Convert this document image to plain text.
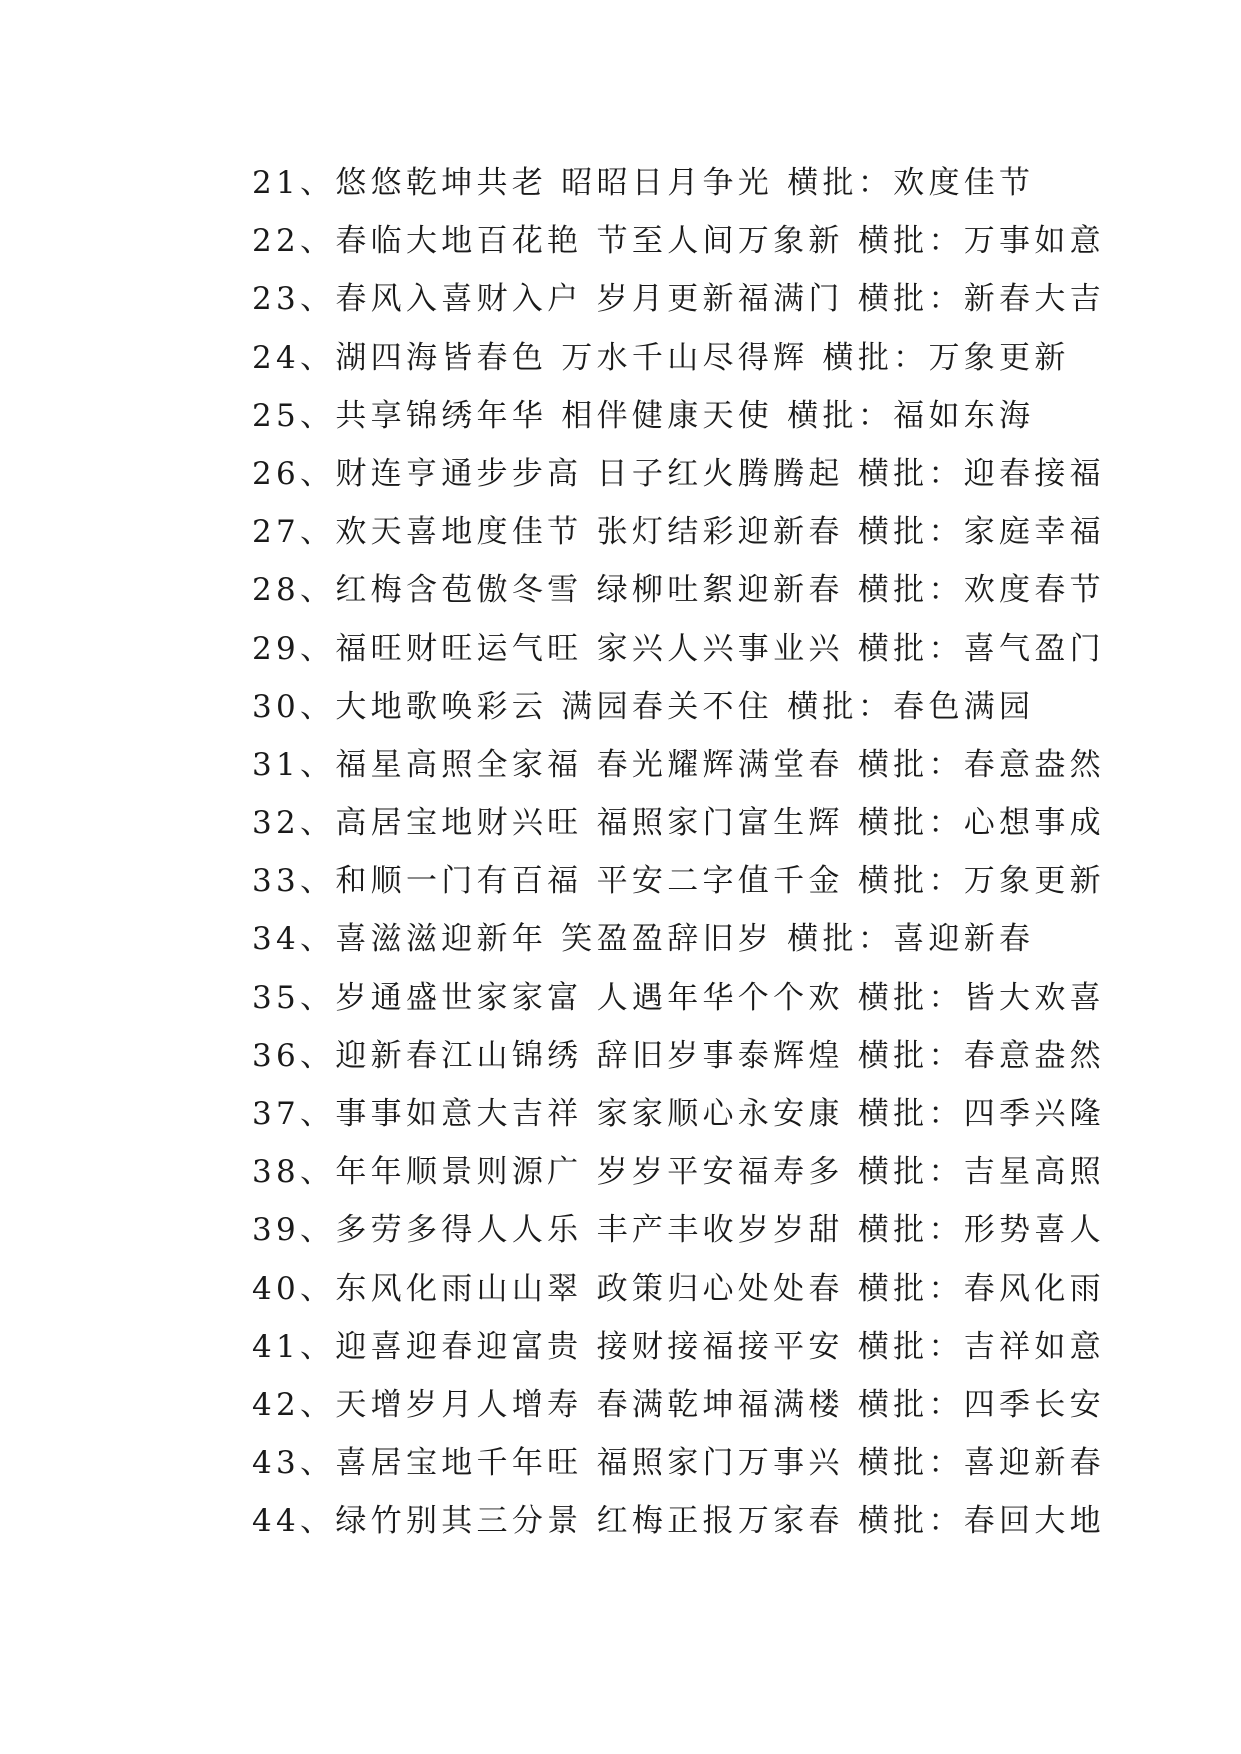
21、悠悠乾坤共老 昭昭日月争光 横批：欢度佳节
22、春临大地百花艳 节至人间万象新 横批：万事如意
23、春风入喜财入户 岁月更新福满门 横批：新春大吉
24、湖四海皆春色 万水千山尽得辉 横批：万象更新
25、共享锦绣年华 相伴健康天使 横批：福如东海
26、财连亨通步步高 日子红火腾腾起 横批：迎春接福
27、欢天喜地度佳节 张灯结彩迎新春 横批：家庭幸福
28、红梅含苞傲冬雪 绿柳吐絮迎新春 横批：欢度春节
29、福旺财旺运气旺 家兴人兴事业兴 横批：喜气盈门
30、大地歌唤彩云 满园春关不住 横批：春色满园
31、福星高照全家福 春光耀辉满堂春 横批：春意盎然
32、高居宝地财兴旺 福照家门富生辉 横批：心想事成
33、和顺一门有百福 平安二字值千金 横批：万象更新
34、喜滋滋迎新年 笑盈盈辞旧岁 横批：喜迎新春
35、岁通盛世家家富 人遇年华个个欢 横批：皆大欢喜
36、迎新春江山锦绣 辞旧岁事泰辉煌 横批：春意盎然
37、事事如意大吉祥 家家顺心永安康 横批：四季兴隆
38、年年顺景则源广 岁岁平安福寿多 横批：吉星高照
39、多劳多得人人乐 丰产丰收岁岁甜 横批：形势喜人
40、东风化雨山山翠 政策归心处处春 横批：春风化雨
41、迎喜迎春迎富贵 接财接福接平安 横批：吉祥如意
42、天增岁月人增寿 春满乾坤福满楼 横批：四季长安
43、喜居宝地千年旺 福照家门万事兴 横批：喜迎新春
44、绿竹别其三分景 红梅正报万家春 横批：春回大地
